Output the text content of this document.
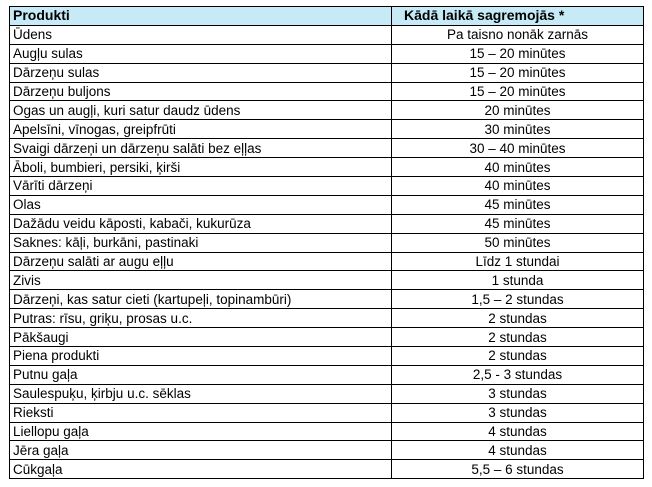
Produkti	Kādā laikā sagremojās *
Ūdens	Pa taisno nonāk zarnās
Augļu sulas	15 – 20 minūtes
Dārzeņu sulas	15 – 20 minūtes
Dārzeņu buljons	15 – 20 minūtes
Ogas un augļi, kuri satur daudz ūdens	20 minūtes
Apelsīni, vīnogas, greipfrūti	30 minūtes
Svaigi dārzeņi un dārzeņu salāti bez eļļas	30 – 40 minūtes
Āboli, bumbieri, persiki, ķirši	40 minūtes
Vārīti dārzeņi	40 minūtes
Olas	45 minūtes
Dažādu veidu kāposti, kabači, kukurūza	45 minūtes
Saknes: kāļi, burkāni, pastinaki	50 minūtes
Dārzeņu salāti ar augu eļļu	Līdz 1 stundai
Zivis	1 stunda
Dārzeņi, kas satur cieti (kartupeļi, topinambūri)	1,5 – 2 stundas
Putras: rīsu, griķu, prosas u.c.	2 stundas
Pākšaugi	2 stundas
Piena produkti	2 stundas
Putnu gaļa	2,5 - 3 stundas
Saulespuķu, ķirbju u.c. sēklas	3 stundas
Rieksti	3 stundas
Liellopu gaļa	4 stundas
Jēra gaļa	4 stundas
Cūkgaļa	5,5 – 6 stundas
